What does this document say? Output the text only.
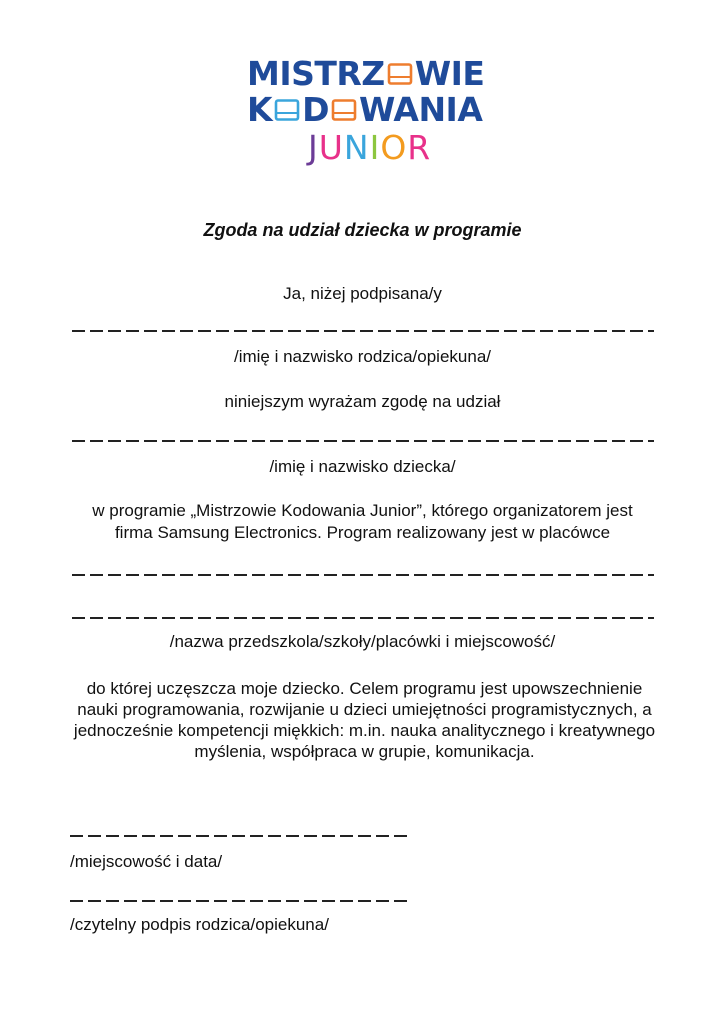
MISTRZ WIE
K D WANIA
JUNIOR
Zgoda na udział dziecka w programie
Ja, niżej podpisana/y
/imię i nazwisko rodzica/opiekuna/
niniejszym wyrażam zgodę na udział
/imię i nazwisko dziecka/
w programie „Mistrzowie Kodowania Junior”, którego organizatorem jest
firma Samsung Electronics. Program realizowany jest w placówce
/nazwa przedszkola/szkoły/placówki i miejscowość/
do której uczęszcza moje dziecko. Celem programu jest upowszechnienie nauki programowania, rozwijanie u dzieci umiejętności programistycznych, a jednocześnie kompetencji miękkich: m.in. nauka analitycznego i kreatywnego myślenia, współpraca w grupie, komunikacja.
/miejscowość i data/
/czytelny podpis rodzica/opiekuna/
